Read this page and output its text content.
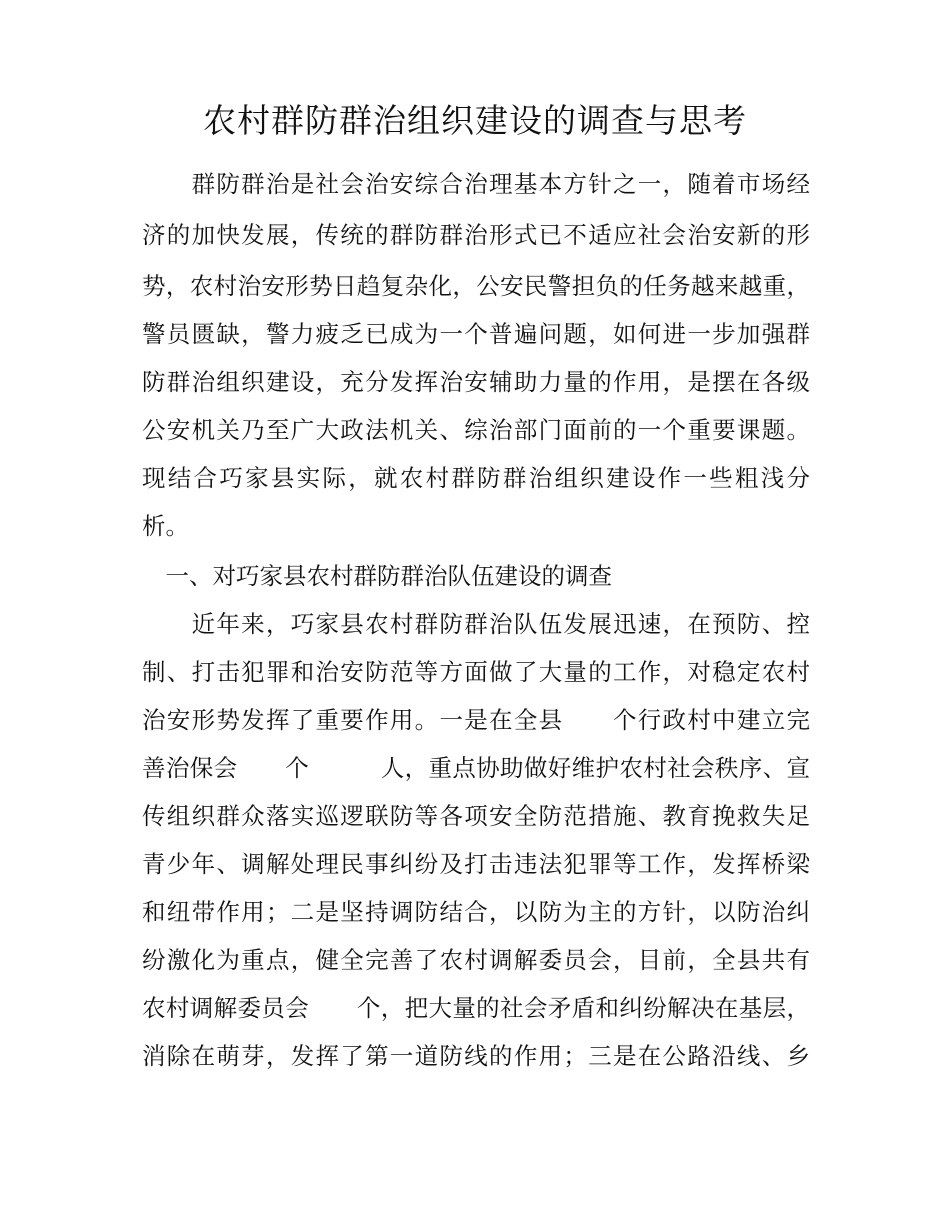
农村群防群治组织建设的调查与思考
　　群防群治是社会治安综合治理基本方针之一，随着市场经
济的加快发展，传统的群防群治形式已不适应社会治安新的形
势，农村治安形势日趋复杂化，公安民警担负的任务越来越重，
警员匮缺，警力疲乏已成为一个普遍问题，如何进一步加强群
防群治组织建设，充分发挥治安辅助力量的作用，是摆在各级
公安机关乃至广大政法机关、综治部门面前的一个重要课题。
现结合巧家县实际，就农村群防群治组织建设作一些粗浅分
析。
　一、对巧家县农村群防群治队伍建设的调查
　　近年来，巧家县农村群防群治队伍发展迅速，在预防、控
制、打击犯罪和治安防范等方面做了大量的工作，对稳定农村
治安形势发挥了重要作用。一是在全县　　个行政村中建立完
善治保会　　个　　　人，重点协助做好维护农村社会秩序、宣
传组织群众落实巡逻联防等各项安全防范措施、教育挽救失足
青少年、调解处理民事纠纷及打击违法犯罪等工作，发挥桥梁
和纽带作用；二是坚持调防结合，以防为主的方针，以防治纠
纷激化为重点，健全完善了农村调解委员会，目前，全县共有
农村调解委员会　　个，把大量的社会矛盾和纠纷解决在基层，
消除在萌芽，发挥了第一道防线的作用；三是在公路沿线、乡
